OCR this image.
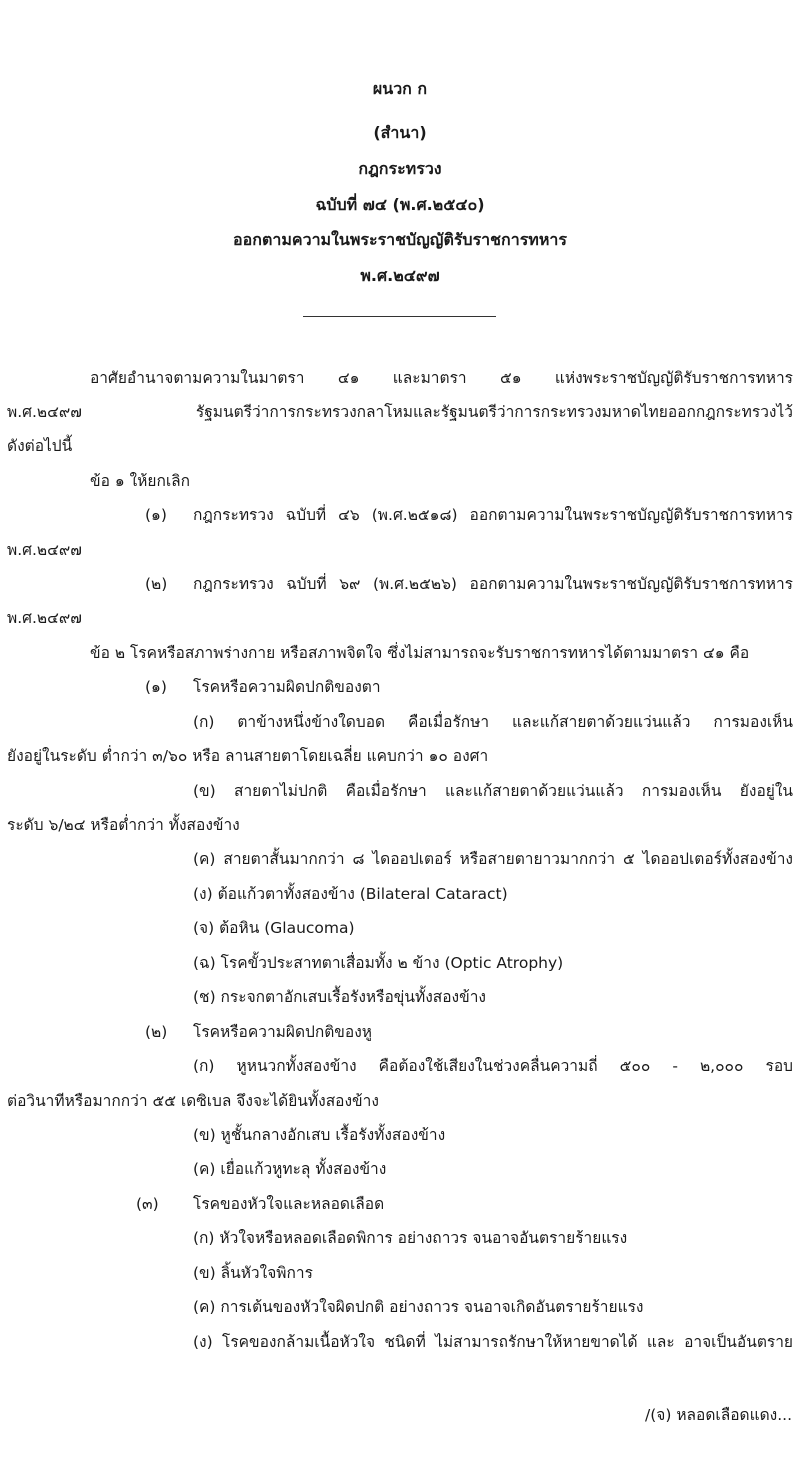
ผนวก ก
(สำนา)
กฎกระทรวง
ฉบับที่ ๗๔ (พ.ศ.๒๕๔๐)
ออกตามความในพระราชบัญญัติรับราชการทหาร
พ.ศ.๒๔๙๗
อาศัยอำนาจตามความในมาตรา ๔๑ และมาตรา ๕๑ แห่งพระราชบัญญัติรับราชการทหาร
พ.ศ.๒๔๙๗ รัฐมนตรีว่าการกระทรวงกลาโหมและรัฐมนตรีว่าการกระทรวงมหาดไทยออกกฎกระทรวงไว้
ดังต่อไปนี้
ข้อ ๑ ให้ยกเลิก
(๑) กฎกระทรวง ฉบับที่ ๔๖ (พ.ศ.๒๕๑๘) ออกตามความในพระราชบัญญัติรับราชการทหาร
พ.ศ.๒๔๙๗
(๒) กฎกระทรวง ฉบับที่ ๖๙ (พ.ศ.๒๕๒๖) ออกตามความในพระราชบัญญัติรับราชการทหาร
พ.ศ.๒๔๙๗
ข้อ ๒ โรคหรือสภาพร่างกาย หรือสภาพจิตใจ ซึ่งไม่สามารถจะรับราชการทหารได้ตามมาตรา ๔๑ คือ
(๑) โรคหรือความผิดปกติของตา
(ก) ตาข้างหนึ่งข้างใดบอด คือเมื่อรักษา และแก้สายตาด้วยแว่นแล้ว การมองเห็น
ยังอยู่ในระดับ ต่ำกว่า ๓/๖๐ หรือ ลานสายตาโดยเฉลี่ย แคบกว่า ๑๐ องศา
(ข) สายตาไม่ปกติ คือเมื่อรักษา และแก้สายตาด้วยแว่นแล้ว การมองเห็น ยังอยู่ใน
ระดับ ๖/๒๔ หรือต่ำกว่า ทั้งสองข้าง
(ค) สายตาสั้นมากกว่า ๘ ไดออปเตอร์ หรือสายตายาวมากกว่า ๕ ไดออปเตอร์ทั้งสองข้าง
(ง) ต้อแก้วตาทั้งสองข้าง (Bilateral Cataract)
(จ) ต้อหิน (Glaucoma)
(ฉ) โรคขั้วประสาทตาเสื่อมทั้ง ๒ ข้าง (Optic Atrophy)
(ช) กระจกตาอักเสบเรื้อรังหรือขุ่นทั้งสองข้าง
(๒) โรคหรือความผิดปกติของหู
(ก) หูหนวกทั้งสองข้าง คือต้องใช้เสียงในช่วงคลื่นความถี่ ๕๐๐ - ๒,๐๐๐ รอบ
ต่อวินาทีหรือมากกว่า ๕๕ เดซิเบล จึงจะได้ยินทั้งสองข้าง
(ข) หูชั้นกลางอักเสบ เรื้อรังทั้งสองข้าง
(ค) เยื่อแก้วหูทะลุ ทั้งสองข้าง
(๓) โรคของหัวใจและหลอดเลือด
(ก) หัวใจหรือหลอดเลือดพิการ อย่างถาวร จนอาจอันตรายร้ายแรง
(ข) ลิ้นหัวใจพิการ
(ค) การเต้นของหัวใจผิดปกติ อย่างถาวร จนอาจเกิดอันตรายร้ายแรง
(ง) โรคของกล้ามเนื้อหัวใจ ชนิดที่ ไม่สามารถรักษาให้หายขาดได้ และ อาจเป็นอันตราย
/(จ) หลอดเลือดแดง...
